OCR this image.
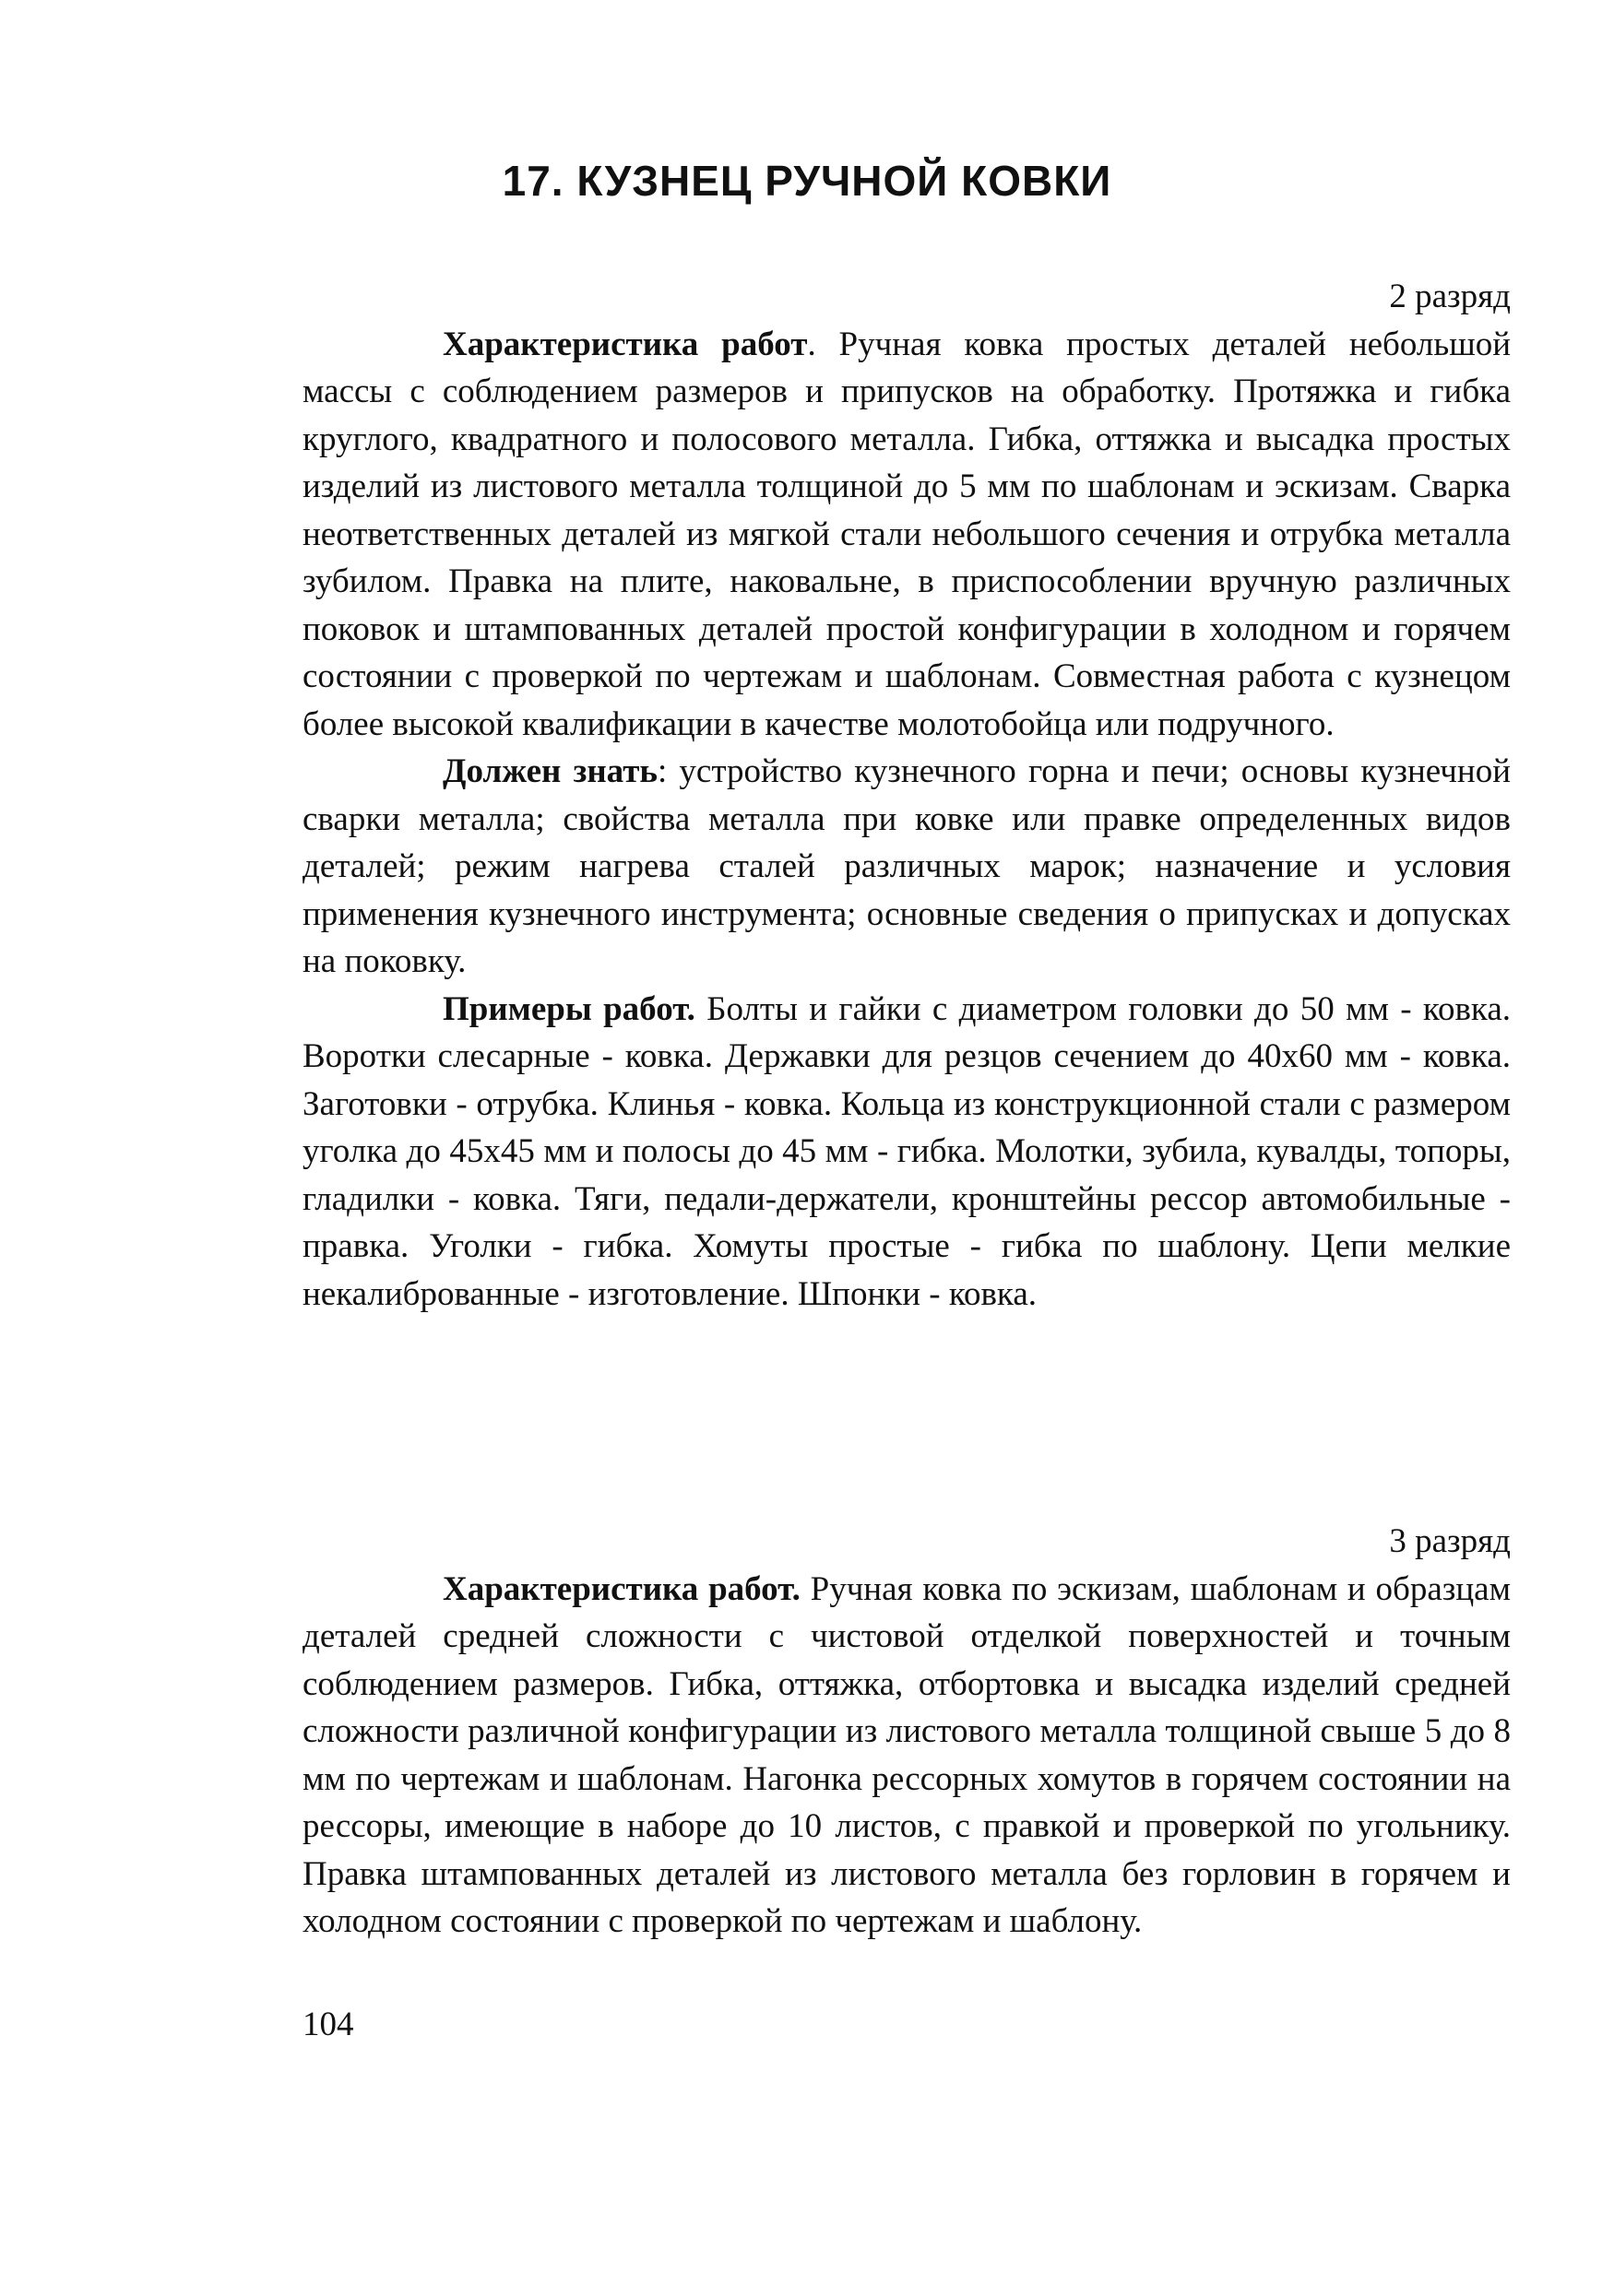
17. КУЗНЕЦ РУЧНОЙ КОВКИ

2 разряд

Характеристика работ. Ручная ковка простых деталей небольшой массы с соблюдением размеров и припусков на обработку. Протяжка и гибка круглого, квадратного и полосового металла. Гибка, оттяжка и высадка простых изделий из листового металла толщиной до 5 мм по шаблонам и эскизам. Сварка неответственных деталей из мягкой стали небольшого сечения и отрубка металла зубилом. Правка на плите, наковальне, в приспособлении вручную различных поковок и штампованных деталей простой конфигурации в холодном и горячем состоянии с проверкой по чертежам и шаблонам. Совместная работа с кузнецом более высокой квалификации в качестве молотобойца или подручного.

Должен знать: устройство кузнечного горна и печи; основы кузнечной сварки металла; свойства металла при ковке или правке определенных видов деталей; режим нагрева сталей различных марок; назначение и условия применения кузнечного инструмента; основные сведения о припусках и допусках на поковку.

Примеры работ. Болты и гайки с диаметром головки до 50 мм - ковка. Воротки слесарные - ковка. Державки для резцов сечением до 40х60 мм - ковка. Заготовки - отрубка. Клинья - ковка. Кольца из конструкционной стали с размером уголка до 45х45 мм и полосы до 45 мм - гибка. Молотки, зубила, кувалды, топоры, гладилки - ковка. Тяги, педали-держатели, кронштейны рессор автомобильные - правка. Уголки - гибка. Хомуты простые - гибка по шаблону. Цепи мелкие некалиброванные - изготовление. Шпонки - ковка.

3 разряд

Характеристика работ. Ручная ковка по эскизам, шаблонам и образцам деталей средней сложности с чистовой отделкой поверхностей и точным соблюдением размеров. Гибка, оттяжка, отбортовка и высадка изделий средней сложности различной конфигурации из листового металла толщиной свыше 5 до 8 мм по чертежам и шаблонам. Нагонка рессорных хомутов в горячем состоянии на рессоры, имеющие в наборе до 10 листов, с правкой и проверкой по угольнику. Правка штампованных деталей из листового металла без горловин в горячем и холодном состоянии с проверкой по чертежам и шаблону.

104
